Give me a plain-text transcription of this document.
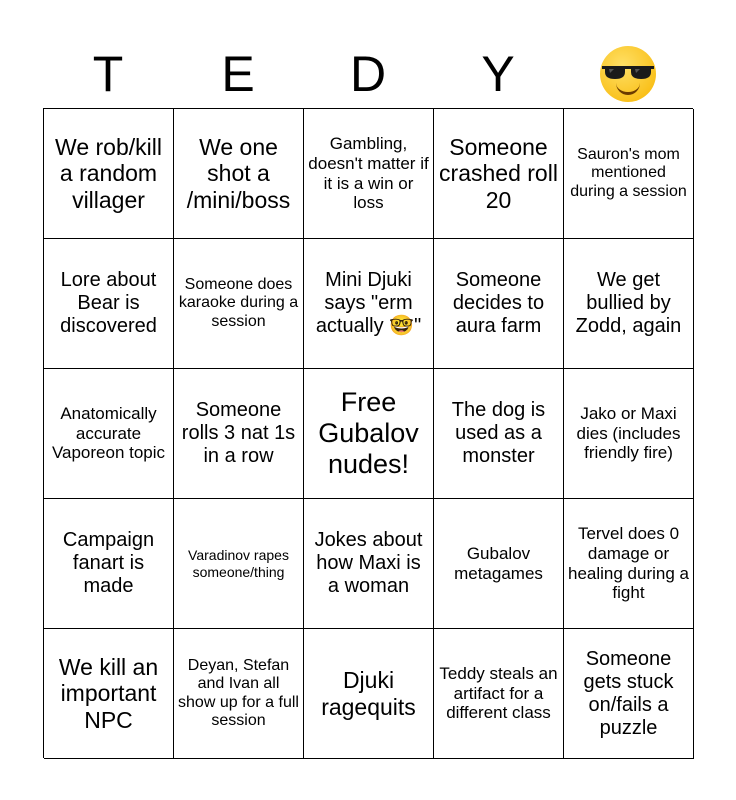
T	E	D	Y
We rob/kill a random villager
We one shot a /mini/boss
Gambling, doesn't matter if it is a win or loss
Someone crashed roll 20
Sauron's mom mentioned during a session
Lore about Bear is discovered
Someone does karaoke during a session
Mini Djuki says "erm actually 🤓"
Someone decides to aura farm
We get bullied by Zodd, again
Anatomically accurate Vaporeon topic
Someone rolls 3 nat 1s in a row
Free Gubalov nudes!
The dog is used as a monster
Jako or Maxi dies (includes friendly fire)
Campaign fanart is made
Varadinov rapes someone/thing
Jokes about how Maxi is a woman
Gubalov metagames
Tervel does 0 damage or healing during a fight
We kill an important NPC
Deyan, Stefan and Ivan all show up for a full session
Djuki ragequits
Teddy steals an artifact for a different class
Someone gets stuck on/fails a puzzle
